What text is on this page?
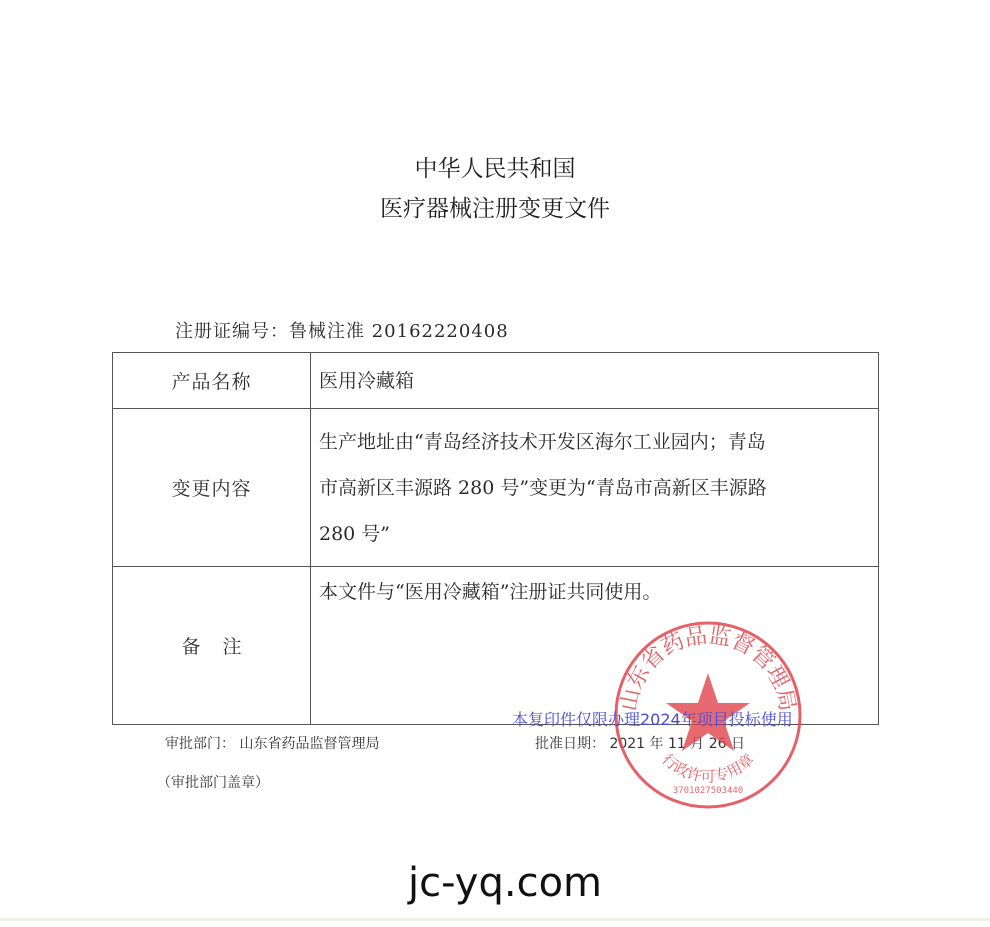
中华人民共和国
医疗器械注册变更文件
注册证编号：鲁械注准 20162220408
产品名称	医用冷藏箱
变更内容	生产地址由“青岛经济技术开发区海尔工业园内；青岛
市高新区丰源路 280 号”变更为“青岛市高新区丰源路
280 号”

备注	本文件与“医用冷藏箱”注册证共同使用。
审批部门： 山东省药品监督管理局	批准日期： 2021 年 11 月 26 日
（审批部门盖章）
山东省药品监督管理局
行政许可专用章
3701027503440
本复印件仅限办理2024年项目投标使用
jc-yq.com
